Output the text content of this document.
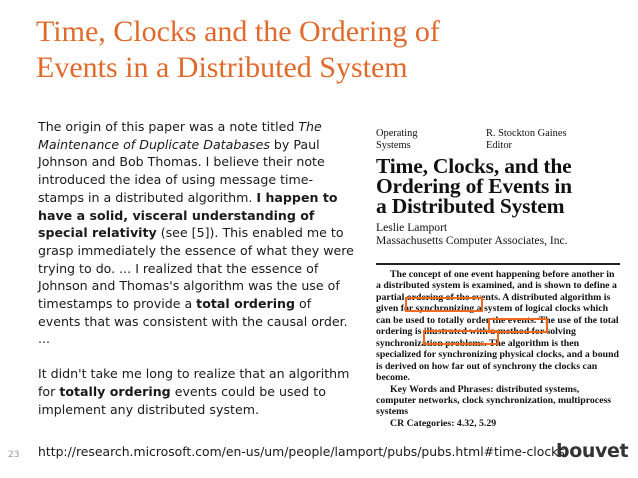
Time, Clocks and the Ordering of
Events in a Distributed System

The origin of this paper was a note titled The Maintenance of Duplicate Databases by Paul Johnson and Bob Thomas. I believe their note introduced the idea of using message time-stamps in a distributed algorithm. I happen to have a solid, visceral understanding of special relativity (see [5]). This enabled me to grasp immediately the essence of what they were trying to do. ... I realized that the essence of Johnson and Thomas's algorithm was the use of timestamps to provide a total ordering of events that was consistent with the causal order. ...

It didn't take me long to realize that an algorithm for totally ordering events could be used to implement any distributed system.

Operating
Systems
R. Stockton Gaines
Editor
Time, Clocks, and the
Ordering of Events in
a Distributed System
Leslie Lamport
Massachusetts Computer Associates, Inc.

The concept of one event happening before another in a distributed system is examined, and is shown to define a partial ordering of the events. A distributed algorithm is given for synchronizing a system of logical clocks which can be used to totally order the events. The use of the total ordering is illustrated with a method for solving synchronization problems. The algorithm is then specialized for synchronizing physical clocks, and a bound is derived on how far out of synchrony the clocks can become.

Key Words and Phrases: distributed systems, computer networks, clock synchronization, multiprocess systems

CR Categories: 4.32, 5.29
23 http://research.microsoft.com/en-us/um/people/lamport/pubs/pubs.html#time-clocks
bouvet
